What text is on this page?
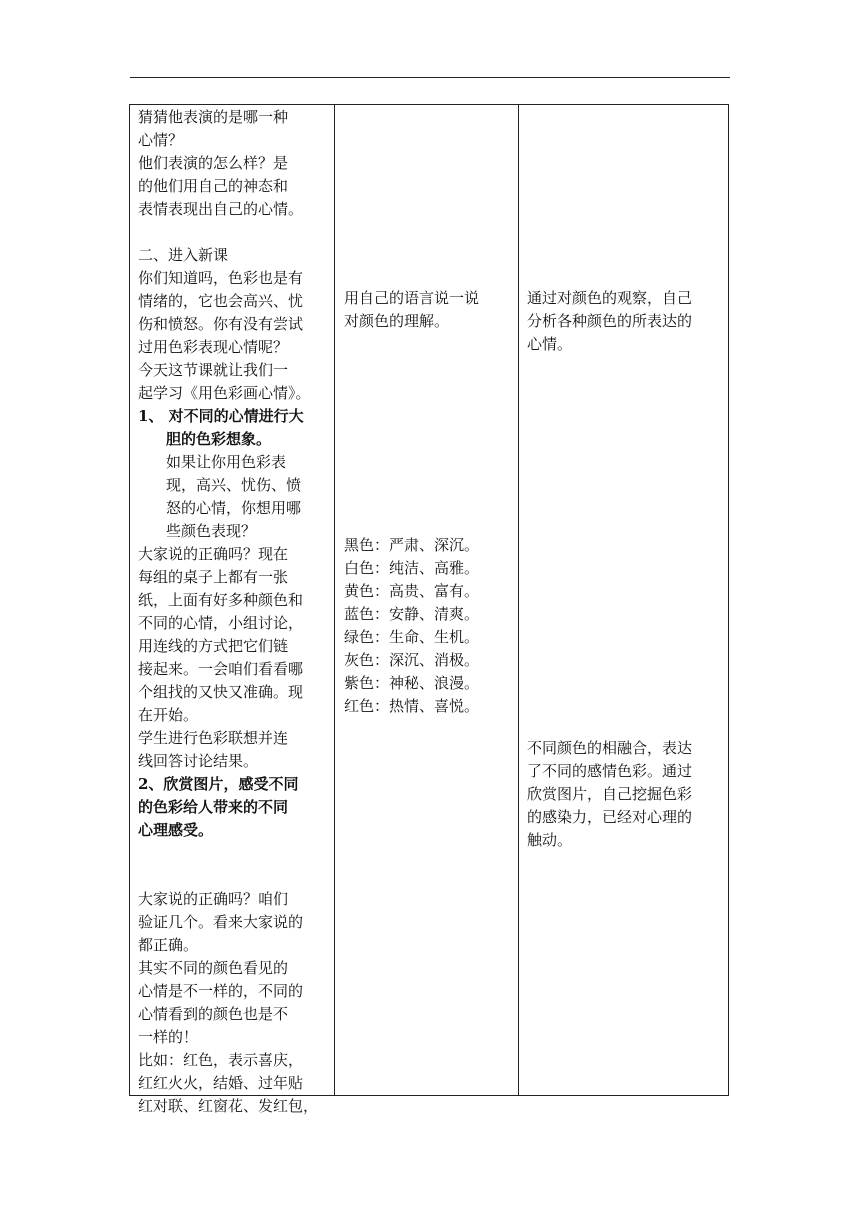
猜猜他表演的是哪一种

心情？

他们表演的怎么样？是

的他们用自己的神态和

表情表现出自己的心情。

二、进入新课

你们知道吗，色彩也是有

情绪的，它也会高兴、忧

伤和愤怒。你有没有尝试

过用色彩表现心情呢？

今天这节课就让我们一

起学习《用色彩画心情》。

1、 对不同的心情进行大

胆的色彩想象。

如果让你用色彩表

现，高兴、忧伤、愤

怒的心情，你想用哪

些颜色表现？

大家说的正确吗？现在

每组的桌子上都有一张

纸，上面有好多种颜色和

不同的心情，小组讨论，

用连线的方式把它们链

接起来。一会咱们看看哪

个组找的又快又准确。现

在开始。

学生进行色彩联想并连

线回答讨论结果。

2、欣赏图片，感受不同

的色彩给人带来的不同

心理感受。

大家说的正确吗？咱们

验证几个。看来大家说的

都正确。

其实不同的颜色看见的

心情是不一样的，不同的

心情看到的颜色也是不

一样的！

比如：红色，表示喜庆，

红红火火，结婚、过年贴

红对联、红窗花、发红包，

用自己的语言说一说

对颜色的理解。

黑色：严肃、深沉。

白色：纯洁、高雅。

黄色：高贵、富有。

蓝色：安静、清爽。

绿色：生命、生机。

灰色：深沉、消极。

紫色：神秘、浪漫。

红色：热情、喜悦。

通过对颜色的观察，自己

分析各种颜色的所表达的

心情。

不同颜色的相融合，表达

了不同的感情色彩。通过

欣赏图片，自己挖掘色彩

的感染力，已经对心理的

触动。
